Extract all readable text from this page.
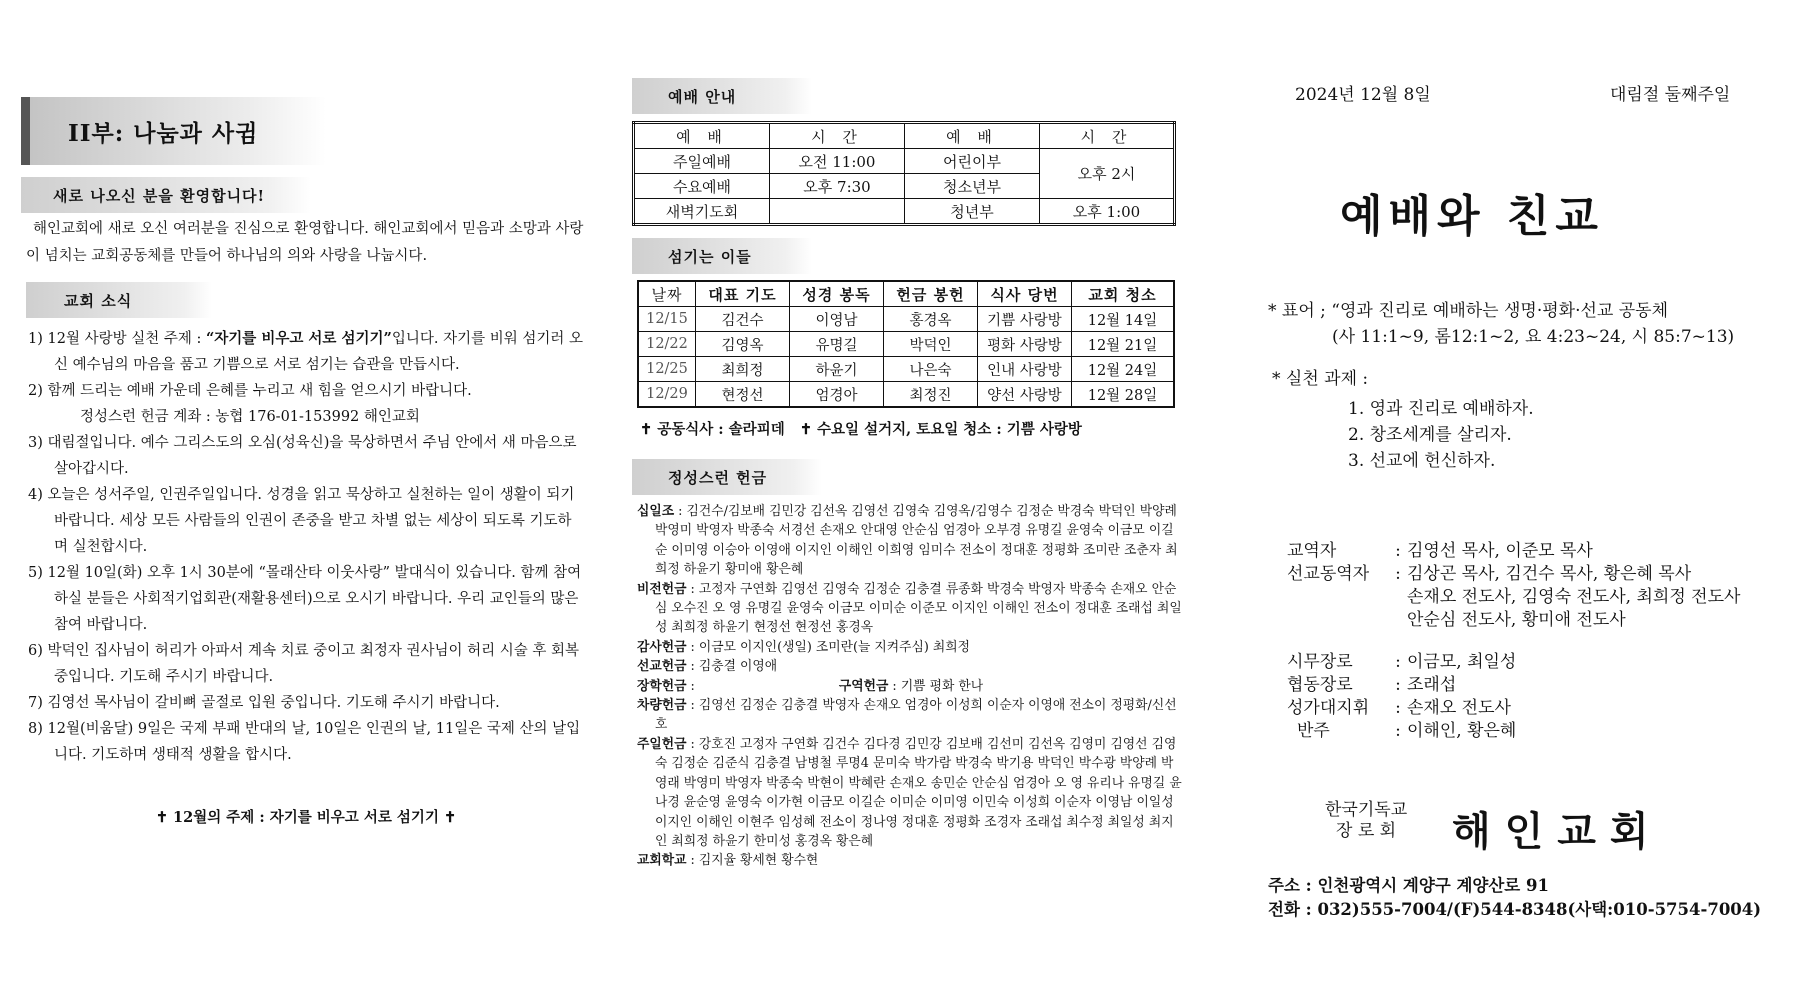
II부: 나눔과 사귐
새로 나오신 분을 환영합니다!
해인교회에 새로 오신 여러분을 진심으로 환영합니다. 해인교회에서 믿음과 소망과 사랑이 넘치는 교회공동체를 만들어 하나님의 의와 사랑을 나눕시다.
교회 소식
1) 12월 사랑방 실천 주제 : “자기를 비우고 서로 섬기기”입니다. 자기를 비워 섬기러 오신 예수님의 마음을 품고 기쁨으로 서로 섬기는 습관을 만듭시다.
2) 함께 드리는 예배 가운데 은혜를 누리고 새 힘을 얻으시기 바랍니다.
정성스런 헌금 계좌 : 농협 176-01-153992 해인교회
3) 대림절입니다. 예수 그리스도의 오심(성육신)을 묵상하면서 주님 안에서 새 마음으로 살아갑시다.
4) 오늘은 성서주일, 인권주일입니다. 성경을 읽고 묵상하고 실천하는 일이 생활이 되기 바랍니다. 세상 모든 사람들의 인권이 존중을 받고 차별 없는 세상이 되도록 기도하며 실천합시다.
5) 12월 10일(화) 오후 1시 30분에 “몰래산타 이웃사랑” 발대식이 있습니다. 함께 참여하실 분들은 사회적기업회관(재활용센터)으로 오시기 바랍니다. 우리 교인들의 많은 참여 바랍니다.
6) 박덕인 집사님이 허리가 아파서 계속 치료 중이고 최정자 권사님이 허리 시술 후 회복 중입니다. 기도해 주시기 바랍니다.
7) 김영선 목사님이 갈비뼈 골절로 입원 중입니다. 기도해 주시기 바랍니다.
8) 12월(비움달) 9일은 국제 부패 반대의 날, 10일은 인권의 날, 11일은 국제 산의 날입니다. 기도하며 생태적 생활을 합시다.
✝ 12월의 주제 : 자기를 비우고 서로 섬기기 ✝
예배 안내
예 배	시 간	예 배	시 간
주일예배	오전 11:00	어린이부	오후 2시
수요예배	오후 7:30	청소년부	
새벽기도회		청년부	오후 1:00
섬기는 이들
날짜	대표 기도	성경 봉독	헌금 봉헌	식사 당번	교회 청소
12/15	김건수	이영남	홍경옥	기쁨 사랑방	12월 14일
12/22	김영옥	유명길	박덕인	평화 사랑방	12월 21일
12/25	최희정	하윤기	나은숙	인내 사랑방	12월 24일
12/29	현정선	엄경아	최정진	양선 사랑방	12월 28일
✝ 공동식사 : 솔라피데   ✝ 수요일 설거지, 토요일 청소 : 기쁨 사랑방
정성스런 헌금
십일조 : 김건수/김보배 김민강 김선옥 김영선 김영숙 김영옥/김영수 김정순 박경숙 박덕인 박양례 박영미 박영자 박종숙 서경선 손재오 안대영 안순심 엄경아 오부경 유명길 윤영숙 이금모 이길순 이미영 이승아 이영애 이지인 이해인 이희영 임미수 전소이 정대훈 정평화 조미란 조춘자 최희정 하윤기 황미애 황은혜
비전헌금 : 고정자 구연화 김영선 김영숙 김정순 김충결 류종화 박경숙 박영자 박종숙 손재오 안순심 오수진 오 영 유명길 윤영숙 이금모 이미순 이준모 이지인 이해인 전소이 정대훈 조래섭 최일성 최희정 하윤기 현정선 현정선 홍경옥
감사헌금 : 이금모 이지인(생일) 조미란(늘 지켜주심) 최희정
선교헌금 : 김충결 이영애
장학헌금 :	구역헌금 : 기쁨 평화 한나
차량헌금 : 김영선 김정순 김충결 박영자 손재오 엄경아 이성희 이순자 이영애 전소이 정평화/신선호
주일헌금 : 강호진 고정자 구연화 김건수 김다경 김민강 김보배 김선미 김선옥 김영미 김영선 김영숙 김정순 김준식 김충결 남병철 루명4 문미숙 박가람 박경숙 박기용 박덕인 박수광 박양례 박영래 박영미 박영자 박종숙 박현이 박혜란 손재오 송민순 안순심 엄경아 오 영 유리나 유명길 윤나경 윤순영 윤영숙 이가현 이금모 이길순 이미순 이미영 이민숙 이성희 이순자 이영남 이일성 이지인 이해인 이현주 임성혜 전소이 정나영 정대훈 정평화 조경자 조래섭 최수정 최일성 최지인 최희정 하윤기 한미성 홍경옥 황은혜
교회학교 : 김지율 황세현 황수현
2024년 12월 8일	대림절 둘째주일
예배와 친교
* 표어 ; “영과 진리로 예배하는 생명·평화·선교 공동체
(사 11:1~9, 롬12:1~2, 요 4:23~24, 시 85:7~13)
* 실천 과제 :
1. 영과 진리로 예배하자.
2. 창조세계를 살리자.
3. 선교에 헌신하자.
교역자	: 김영선 목사, 이준모 목사
선교동역자	: 김상곤 목사, 김건수 목사, 황은혜 목사
손재오 전도사, 김영숙 전도사, 최희정 전도사
안순심 전도사, 황미애 전도사
시무장로	: 이금모, 최일성
협동장로	: 조래섭
성가대지휘	: 손재오 전도사
반주	: 이해인, 황은혜
한국기독교
장 로 회 해인교회
주소 : 인천광역시 계양구 계양산로 91
전화 : 032)555-7004/(F)544-8348(사택:010-5754-7004)
